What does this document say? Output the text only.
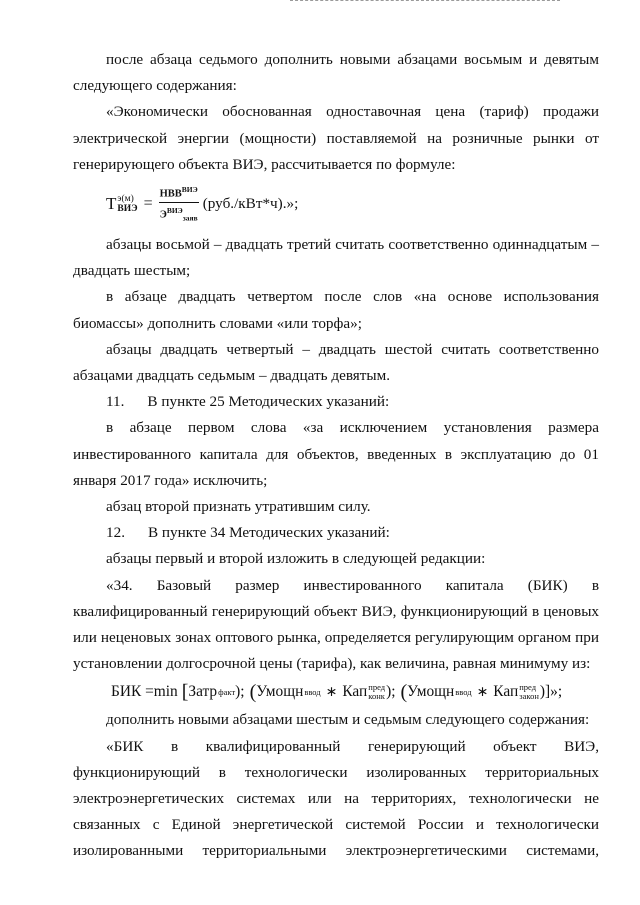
после абзаца седьмого дополнить новыми абзацами восьмым и девятым следующего содержания:

«Экономически обоснованная одноставочная цена (тариф) продажи электрической энергии (мощности) поставляемой на розничные рынки от генерирующего объекта ВИЭ, рассчитывается по формуле:

Т э(м)
ВИЭ = $\frac{НВВ^{ВИЭ}}{Э^{ВИЭ}_{заяв}} (руб./кВт*ч)$.»;

абзацы восьмой – двадцать третий считать соответственно одиннадцатым – двадцать шестым;

в абзаце двадцать четвертом после слов «на основе использования биомассы» дополнить словами «или торфа»;

абзацы двадцать четвертый – двадцать шестой считать соответственно абзацами двадцать седьмым – двадцать девятым.

11. В пункте 25 Методических указаний:

в абзаце первом слова «за исключением установления размера инвестированного капитала для объектов, введенных в эксплуатацию до 01 января 2017 года» исключить;

абзац второй признать утратившим силу.

12. В пункте 34 Методических указаний:

абзацы первый и второй изложить в следующей редакции:

«34. Базовый размер инвестированного капитала (БИК) в квалифицированный генерирующий объект ВИЭ, функционирующий в ценовых или неценовых зонах оптового рынка, определяется регулирующим органом при установлении долгосрочной цены (тарифа), как величина, равная минимуму из:

БИК =min [ Затр факт ); ( Умощн ввод ∗ Кап пред
конк ); ( Умощн ввод ∗ Кап пред
закон )]»;

дополнить новыми абзацами шестым и седьмым следующего содержания:

«БИК в квалифицированный генерирующий объект ВИЭ, функционирующий в технологически изолированных территориальных электроэнергетических системах или на территориях, технологически не связанных с Единой энергетической системой России и технологически изолированными территориальными электроэнергетическими системами,
